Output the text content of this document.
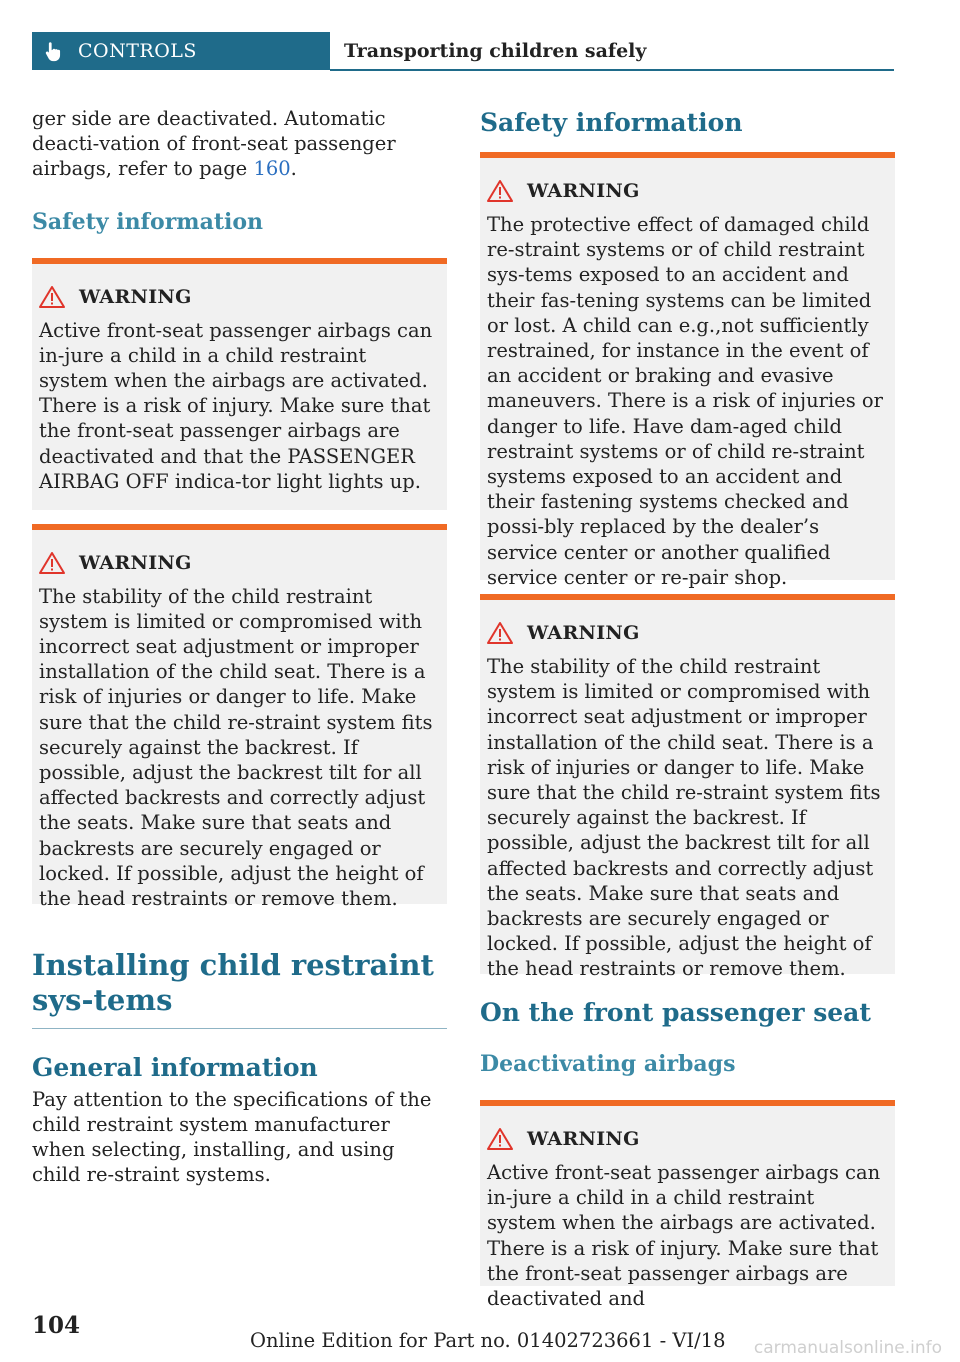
CONTROLS	Transporting children safely

ger side are deactivated. Automatic deacti-vation of front-seat passenger airbags, refer to page 160.

Safety information
WARNING

Active front-seat passenger airbags can in-jure a child in a child restraint system when the airbags are activated. There is a risk of injury. Make sure that the front-seat passenger airbags are deactivated and that the PASSENGER AIRBAG OFF indica-tor light lights up.

WARNING

The stability of the child restraint system is limited or compromised with incorrect seat adjustment or improper installation of the child seat. There is a risk of injuries or danger to life. Make sure that the child re-straint system fits securely against the backrest. If possible, adjust the backrest tilt for all affected backrests and correctly adjust the seats. Make sure that seats and backrests are securely engaged or locked. If possible, adjust the height of the head restraints or remove them.

Installing child restraint sys-tems
General information

Pay attention to the specifications of the child restraint system manufacturer when selecting, installing, and using child re-straint systems.

Safety information
WARNING

The protective effect of damaged child re-straint systems or of child restraint sys-tems exposed to an accident and their fas-tening systems can be limited or lost. A child can e.g.,not sufficiently restrained, for instance in the event of an accident or braking and evasive maneuvers. There is a risk of injuries or danger to life. Have dam-aged child restraint systems or of child re-straint systems exposed to an accident and their fastening systems checked and possi-bly replaced by the dealer’s service center or another qualified service center or re-pair shop.

WARNING

The stability of the child restraint system is limited or compromised with incorrect seat adjustment or improper installation of the child seat. There is a risk of injuries or danger to life. Make sure that the child re-straint system fits securely against the backrest. If possible, adjust the backrest tilt for all affected backrests and correctly adjust the seats. Make sure that seats and backrests are securely engaged or locked. If possible, adjust the height of the head restraints or remove them.

On the front passenger seat
Deactivating airbags
WARNING

Active front-seat passenger airbags can in-jure a child in a child restraint system when the airbags are activated. There is a risk of injury. Make sure that the front-seat passenger airbags are deactivated and

104
Online Edition for Part no. 01402723661 - VI/18 carmanualsonline.info
